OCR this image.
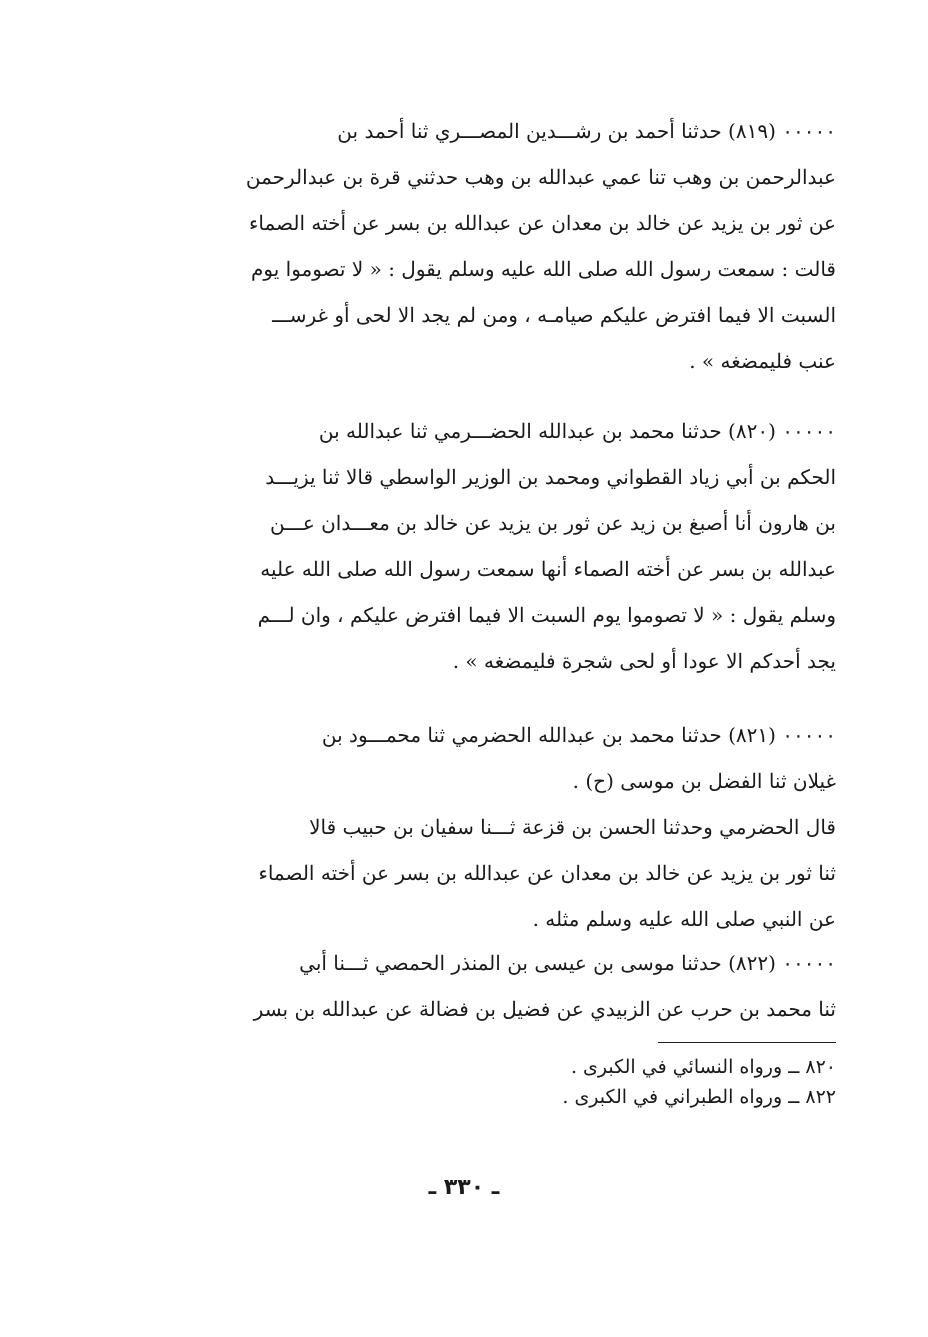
٠٠٠٠٠ (٨١٩) حدثنا أحمد بن رشـــدين المصـــري ثنا أحمد بن
عبدالرحمن بن وهب تنا عمي عبدالله بن وهب حدثني قرة بن عبدالرحمن
عن ثور بن يزيد عن خالد بن معدان عن عبدالله بن بسر عن أخته الصماء
قالت : سمعت رسول الله صلى الله عليه وسلم يقول : « لا تصوموا يوم
السبت الا فيما افترض عليكم صيامـه ، ومن لم يجد الا لحى أو غرســـ
عنب فليمضغه » .
٠٠٠٠٠ (٨٢٠) حدثنا محمد بن عبدالله الحضـــرمي ثنا عبدالله بن
الحكم بن أبي زياد القطواني ومحمد بن الوزير الواسطي قالا ثنا يزيـــد
بن هارون أنا أصبغ بن زيد عن ثور بن يزيد عن خالد بن معـــدان عـــن
عبدالله بن بسر عن أخته الصماء أنها سمعت رسول الله صلى الله عليه
وسلم يقول : « لا تصوموا يوم السبت الا فيما افترض عليكم ، وان لـــم
يجد أحدكم الا عودا أو لحى شجرة فليمضغه » .
٠٠٠٠٠ (٨٢١) حدثنا محمد بن عبدالله الحضرمي ثنا محمـــود بن
غيلان ثنا الفضل بن موسى (ح) .
قال الحضرمي وحدثنا الحسن بن قزعة ثـــنا سفيان بن حبيب قالا
ثنا ثور بن يزيد عن خالد بن معدان عن عبدالله بن بسر عن أخته الصماء
عن النبي صلى الله عليه وسلم مثله .
٠٠٠٠٠ (٨٢٢) حدثنا موسى بن عيسى بن المنذر الحمصي ثـــنا أبي
ثنا محمد بن حرب عن الزبيدي عن فضيل بن فضالة عن عبدالله بن بسر
٨٢٠ ــ ورواه النسائي في الكبرى .
٨٢٢ ــ ورواه الطبراني في الكبرى .
ـ ٣٣٠ ـ
